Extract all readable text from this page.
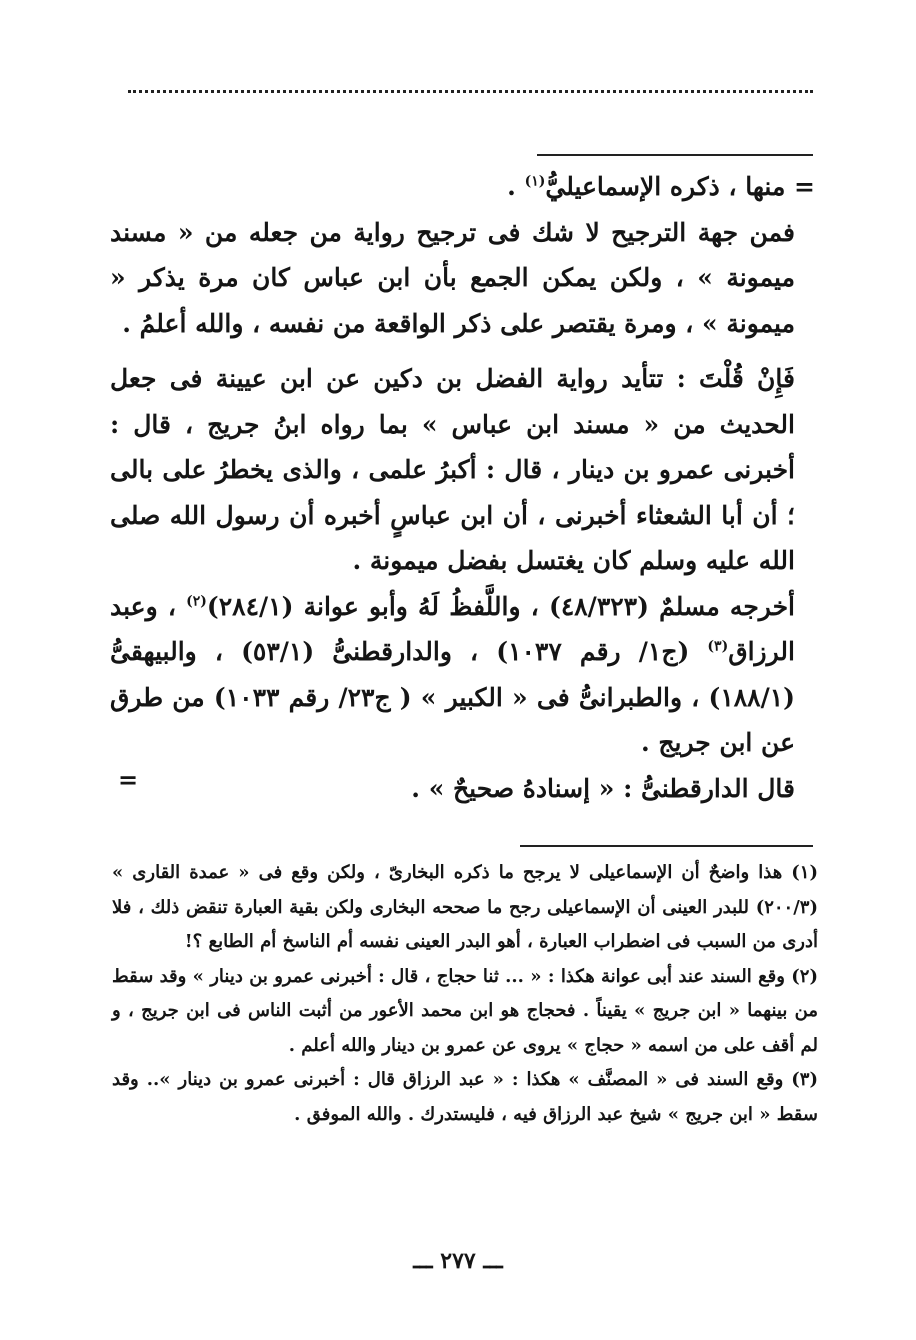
= منها ، ذكره الإسماعيليُّ$^{(١)}$ .

فمن جهة الترجيح لا شك فى ترجيح رواية من جعله من « مسند ميمونة » ، ولكن يمكن الجمع بأن ابن عباس كان مرة يذكر « ميمونة » ، ومرة يقتصر على ذكر الواقعة من نفسه ، والله أعلمُ .

فَإِنْ قُلْتَ : تتأيد رواية الفضل بن دكين عن ابن عيينة فى جعل الحديث من « مسند ابن عباس » بما رواه ابنُ جريج ، قال : أخبرنى عمرو بن دينار ، قال : أكبرُ علمى ، والذى يخطرُ على بالى ؛ أن أبا الشعثاء أخبرنى ، أن ابن عباسٍ أخبره أن رسول الله صلى الله عليه وسلم كان يغتسل بفضل ميمونة .

أخرجه مسلمٌ (٤٨/٣٢٣) ، واللَّفظُ لَهُ وأبو عوانة (٢٨٤/١)$^{(٢)}$ ، وعبد الرزاق$^{(٣)}$ (ج١/ رقم ١٠٣٧) ، والدارقطنىُّ (٥٣/١) ، والبيهقىُّ (١٨٨/١) ، والطبرانىُّ فى « الكبير » ( ج٢٣/ رقم ١٠٣٣) من طرق عن ابن جريج .

قال الدارقطنىُّ : « إسنادهُ صحيحٌ » .

=

(١) هذا واضحٌ أن الإسماعيلى لا يرجح ما ذكره البخارىّ ، ولكن وقع فى « عمدة القارى » (٢٠٠/٣) للبدر العينى أن الإسماعيلى رجح ما صححه البخارى ولكن بقية العبارة تنقض ذلك ، فلا أدرى من السبب فى اضطراب العبارة ، أهو البدر العينى نفسه أم الناسخ أم الطابع ؟!

(٢) وقع السند عند أبى عوانة هكذا : « ... ثنا حجاج ، قال : أخبرنى عمرو بن دينار » وقد سقط من بينهما « ابن جريج » يقيناً . فحجاج هو ابن محمد الأعور من أثبت الناس فى ابن جريج ، و لم أقف على من اسمه « حجاج » يروى عن عمرو بن دينار والله أعلم .

(٣) وقع السند فى « المصنَّف » هكذا : « عبد الرزاق قال : أخبرنى عمرو بن دينار ».. وقد سقط « ابن جريج » شيخ عبد الرزاق فيه ، فليستدرك . والله الموفق .

ـــ ٢٧٧ ـــ
